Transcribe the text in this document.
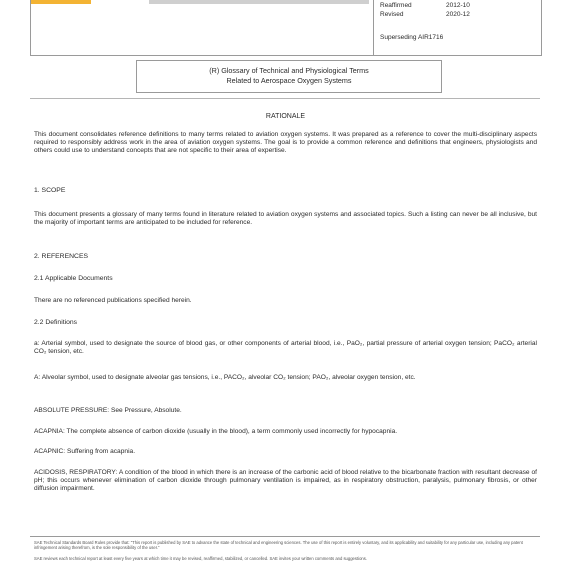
Reaffirmed	2012-10
Revised	2020-12
Superseding AIR1716
(R) Glossary of Technical and Physiological Terms
Related to Aerospace Oxygen Systems
RATIONALE
This document consolidates reference definitions to many terms related to aviation oxygen systems. It was prepared as a reference to cover the multi-disciplinary aspects required to responsibly address work in the area of aviation oxygen systems. The goal is to provide a common reference and definitions that engineers, physiologists and others could use to understand concepts that are not specific to their area of expertise.
1. SCOPE
This document presents a glossary of many terms found in literature related to aviation oxygen systems and associated topics. Such a listing can never be all inclusive, but the majority of important terms are anticipated to be included for reference.
2. REFERENCES
2.1 Applicable Documents
There are no referenced publications specified herein.
2.2 Definitions
a: Arterial symbol, used to designate the source of blood gas, or other components of arterial blood, i.e., PaO₂, partial pressure of arterial oxygen tension; PaCO₂ arterial CO₂ tension, etc.
A: Alveolar symbol, used to designate alveolar gas tensions, i.e., PACO₂, alveolar CO₂ tension; PAO₂, alveolar oxygen tension, etc.
ABSOLUTE PRESSURE: See Pressure, Absolute.
ACAPNIA: The complete absence of carbon dioxide (usually in the blood), a term commonly used incorrectly for hypocapnia.
ACAPNIC: Suffering from acapnia.
ACIDOSIS, RESPIRATORY: A condition of the blood in which there is an increase of the carbonic acid of blood relative to the bicarbonate fraction with resultant decrease of pH; this occurs whenever elimination of carbon dioxide through pulmonary ventilation is impaired, as in respiratory obstruction, paralysis, pulmonary fibrosis, or other diffusion impairment.
SAE Technical Standards Board Rules provide that: “This report is published by SAE to advance the state of technical and engineering sciences. The use of this report is entirely voluntary, and its applicability and suitability for any particular use, including any patent infringement arising therefrom, is the sole responsibility of the user.”
SAE reviews each technical report at least every five years at which time it may be revised, reaffirmed, stabilized, or cancelled. SAE invites your written comments and suggestions.
